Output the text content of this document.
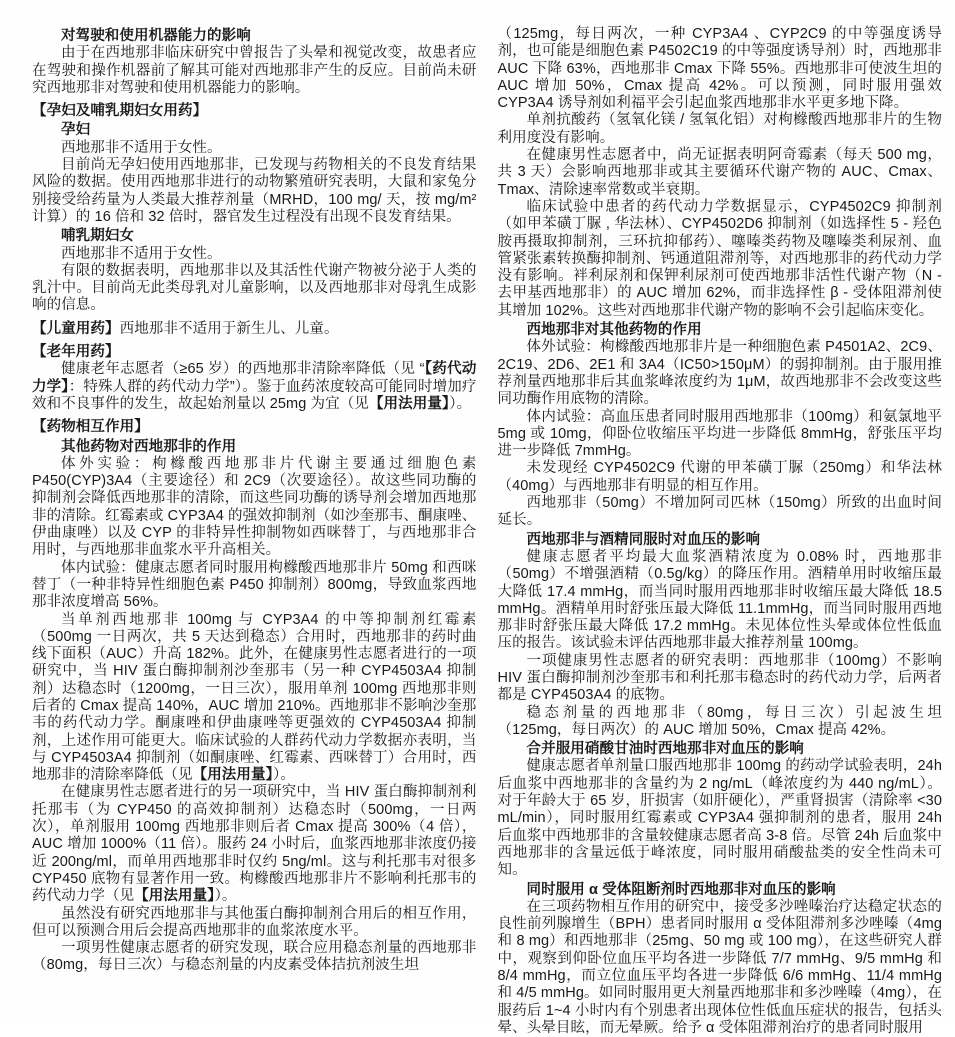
对驾驶和使用机器能力的影响
由于在西地那非临床研究中曾报告了头晕和视觉改变，故患者应在驾驶和操作机器前了解其可能对西地那非产生的反应。目前尚未研究西地那非对驾驶和使用机器能力的影响。
【孕妇及哺乳期妇女用药】
孕妇
西地那非不适用于女性。
目前尚无孕妇使用西地那非，已发现与药物相关的不良发育结果风险的数据。使用西地那非进行的动物繁殖研究表明，大鼠和家兔分别接受给药量为人类最大推荐剂量（MRHD，100 mg/ 天，按 mg/m² 计算）的 16 倍和 32 倍时，器官发生过程没有出现不良发育结果。
哺乳期妇女
西地那非不适用于女性。
有限的数据表明，西地那非以及其活性代谢产物被分泌于人类的乳汁中。目前尚无此类母乳对儿童影响，以及西地那非对母乳生成影响的信息。
【儿童用药】西地那非不适用于新生儿、儿童。
【老年用药】
健康老年志愿者（≥65 岁）的西地那非清除率降低（见 “【药代动力学】：特殊人群的药代动力学”）。鉴于血药浓度较高可能同时增加疗效和不良事件的发生，故起始剂量以 25mg 为宜（见【用法用量】）。
【药物相互作用】
其他药物对西地那非的作用
体外实验：枸橼酸西地那非片代谢主要通过细胞色素 P450(CYP)3A4（主要途径）和 2C9（次要途径）。故这些同功酶的抑制剂会降低西地那非的清除，而这些同功酶的诱导剂会增加西地那非的清除。红霉素或 CYP3A4 的强效抑制剂（如沙奎那韦、酮康唑、伊曲康唑）以及 CYP 的非特异性抑制物如西咪替丁，与西地那非合用时，与西地那非血浆水平升高相关。
体内试验：健康志愿者同时服用枸橼酸西地那非片 50mg 和西咪替丁（一种非特异性细胞色素 P450 抑制剂）800mg，导致血浆西地那非浓度增高 56%。
当单剂西地那非 100mg 与 CYP3A4 的中等抑制剂红霉素（500mg 一日两次，共 5 天达到稳态）合用时，西地那非的药时曲线下面积（AUC）升高 182%。此外，在健康男性志愿者进行的一项研究中，当 HIV 蛋白酶抑制剂沙奎那韦（另一种 CYP4503A4 抑制剂）达稳态时（1200mg，一日三次），服用单剂 100mg 西地那非则后者的 Cmax 提高 140%，AUC 增加 210%。西地那非不影响沙奎那韦的药代动力学。酮康唑和伊曲康唑等更强效的 CYP4503A4 抑制剂，上述作用可能更大。临床试验的人群药代动力学数据亦表明，当与 CYP4503A4 抑制剂（如酮康唑、红霉素、西咪替丁）合用时，西地那非的清除率降低（见【用法用量】）。
在健康男性志愿者进行的另一项研究中，当 HIV 蛋白酶抑制剂利托那韦（为 CYP450 的高效抑制剂）达稳态时（500mg，一日两次），单剂服用 100mg 西地那非则后者 Cmax 提高 300%（4 倍），AUC 增加 1000%（11 倍）。服药 24 小时后，血浆西地那非浓度仍接近 200ng/ml，而单用西地那非时仅约 5ng/ml。这与利托那韦对很多 CYP450 底物有显著作用一致。枸橼酸西地那非片不影响利托那韦的药代动力学（见【用法用量】）。
虽然没有研究西地那非与其他蛋白酶抑制剂合用后的相互作用，但可以预测合用后会提高西地那非的血浆浓度水平。
一项男性健康志愿者的研究发现，联合应用稳态剂量的西地那非（80mg，每日三次）与稳态剂量的内皮素受体拮抗剂波生坦
（125mg，每日两次，一种 CYP3A4 、CYP2C9 的中等强度诱导剂，也可能是细胞色素 P4502C19 的中等强度诱导剂）时，西地那非 AUC 下降 63%，西地那非 Cmax 下降 55%。西地那非可使波生坦的 AUC 增加 50%，Cmax 提高 42%。可以预测，同时服用强效 CYP3A4 诱导剂如利福平会引起血浆西地那非水平更多地下降。
单剂抗酸药（氢氧化镁 / 氢氧化铝）对枸橼酸西地那非片的生物利用度没有影响。
在健康男性志愿者中，尚无证据表明阿奇霉素（每天 500 mg，共 3 天）会影响西地那非或其主要循环代谢产物的 AUC、Cmax、Tmax、清除速率常数或半衰期。
临床试验中患者的药代动力学数据显示，CYP4502C9 抑制剂（如甲苯磺丁脲 , 华法林）、CYP4502D6 抑制剂（如选择性 5 - 羟色胺再摄取抑制剂，三环抗抑郁药）、噻嗪类药物及噻嗪类利尿剂、血管紧张素转换酶抑制剂、钙通道阻滞剂等，对西地那非的药代动力学没有影响。袢利尿剂和保钾利尿剂可使西地那非活性代谢产物（N - 去甲基西地那非）的 AUC 增加 62%，而非选择性 β - 受体阻滞剂使其增加 102%。这些对西地那非代谢产物的影响不会引起临床变化。
西地那非对其他药物的作用
体外试验：枸橼酸西地那非片是一种细胞色素 P4501A2、2C9、2C19、2D6、2E1 和 3A4（IC50>150μM）的弱抑制剂。由于服用推荐剂量西地那非后其血浆峰浓度约为 1μM，故西地那非不会改变这些同功酶作用底物的清除。
体内试验：高血压患者同时服用西地那非（100mg）和氨氯地平 5mg 或 10mg，仰卧位收缩压平均进一步降低 8mmHg，舒张压平均进一步降低 7mmHg。
未发现经 CYP4502C9 代谢的甲苯磺丁脲（250mg）和华法林（40mg）与西地那非有明显的相互作用。
西地那非（50mg）不增加阿司匹林（150mg）所致的出血时间延长。
西地那非与酒精同服时对血压的影响
健康志愿者平均最大血浆酒精浓度为 0.08% 时，西地那非（50mg）不增强酒精（0.5g/kg）的降压作用。酒精单用时收缩压最大降低 17.4 mmHg，而当同时服用西地那非时收缩压最大降低 18.5 mmHg。酒精单用时舒张压最大降低 11.1mmHg，而当同时服用西地那非时舒张压最大降低 17.2 mmHg。未见体位性头晕或体位性低血压的报告。该试验未评估西地那非最大推荐剂量 100mg。
一项健康男性志愿者的研究表明：西地那非（100mg）不影响 HIV 蛋白酶抑制剂沙奎那韦和利托那韦稳态时的药代动力学，后两者都是 CYP4503A4 的底物。
稳态剂量的西地那非（80mg，每日三次）引起波生坦（125mg，每日两次）的 AUC 增加 50%，Cmax 提高 42%。
合并服用硝酸甘油时西地那非对血压的影响
健康志愿者单剂量口服西地那非 100mg 的药动学试验表明，24h 后血浆中西地那非的含量约为 2 ng/mL（峰浓度约为 440 ng/mL）。对于年龄大于 65 岁，肝损害（如肝硬化），严重肾损害（清除率 <30 mL/min），同时服用红霉素或 CYP3A4 强抑制剂的患者，服用 24h 后血浆中西地那非的含量较健康志愿者高 3-8 倍。尽管 24h 后血浆中西地那非的含量远低于峰浓度，同时服用硝酸盐类的安全性尚未可知。
同时服用 α 受体阻断剂时西地那非对血压的影响
在三项药物相互作用的研究中，接受多沙唑嗪治疗达稳定状态的良性前列腺增生（BPH）患者同时服用 α 受体阻滞剂多沙唑嗪（4mg 和 8 mg）和西地那非（25mg、50 mg 或 100 mg），在这些研究人群中，观察到仰卧位血压平均各进一步降低 7/7 mmHg、9/5 mmHg 和 8/4 mmHg，而立位血压平均各进一步降低 6/6 mmHg、11/4 mmHg 和 4/5 mmHg。如同时服用更大剂量西地那非和多沙唑嗪（4mg），在服药后 1~4 小时内有个别患者出现体位性低血压症状的报告，包括头晕、头晕目眩，而无晕厥。给予 α 受体阻滞剂治疗的患者同时服用
